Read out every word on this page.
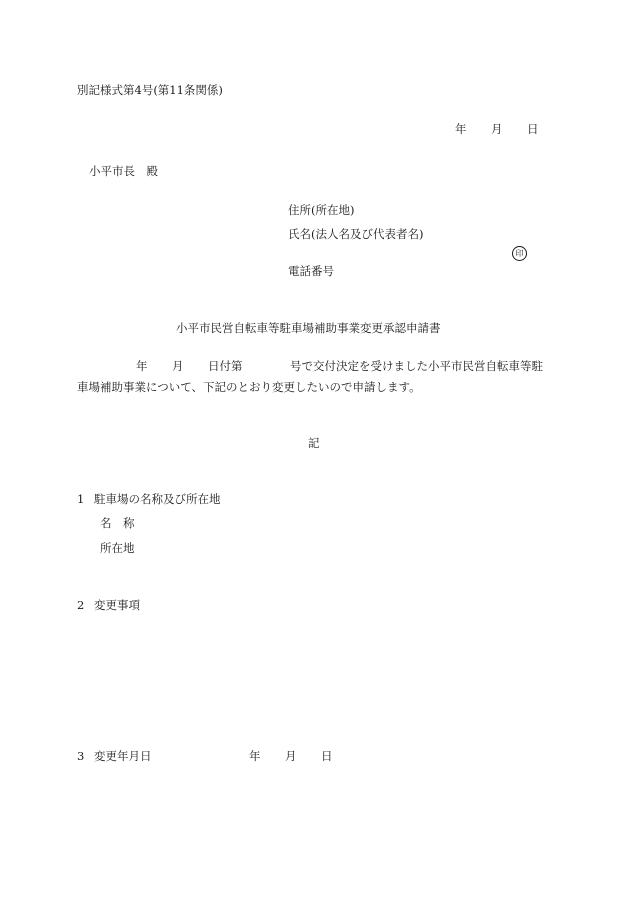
別記様式第4号(第11条関係)
年 月 日
小平市長　殿
住所(所在地)
氏名(法人名及び代表者名)
印
電話番号
小平市民営自転車等駐車場補助事業変更承認申請書
年 月 日付第	号で交付決定を受けました小平市民営自転車等駐
車場補助事業について、下記のとおり変更したいので申請します。
記
1 駐車場の名称及び所在地
名　称
所在地
2 変更事項
3 変更年月日	年 月 日
